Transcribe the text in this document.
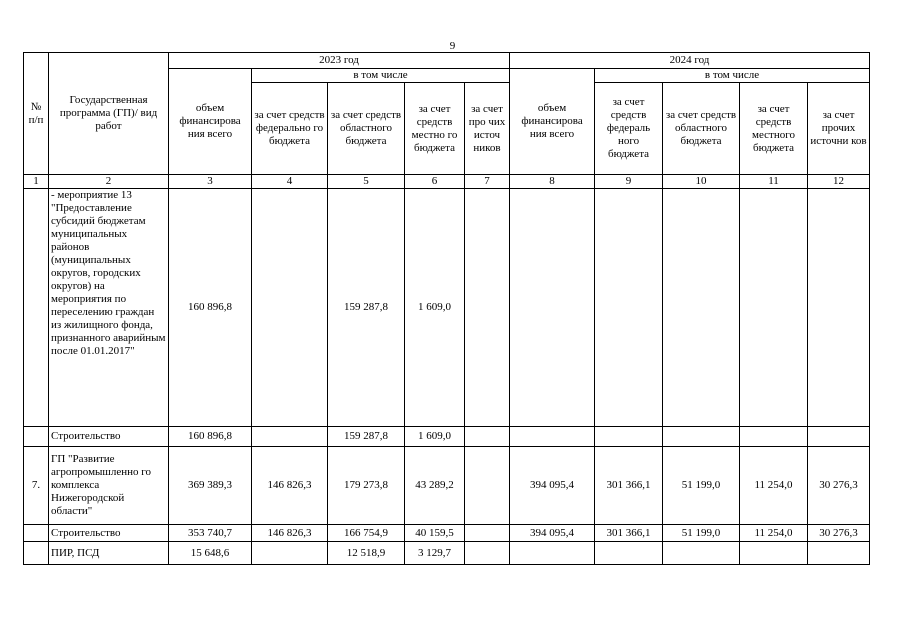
9
№ п/п	Государственная программа (ГП)/ вид работ	2023 год					2024 год				
		объем финансирова ния всего	в том числе				объем финансирова ния всего	в том числе			
			за счет средств федерально го бюджета	за счет средств областного бюджета	за счет средств местно го бюджета	за счет про чих источ ников		за счет средств федераль ного бюджета	за счет средств областного бюджета	за счет средств местного бюджета	за счет прочих источни ков
1	2	3	4	5	6	7	8	9	10	11	12
	- мероприятие 13 "Предоставление субсидий бюджетам муниципальных районов (муниципальных округов, городских округов) на мероприятия по переселению граждан из жилищного фонда, признанного аварийным после 01.01.2017"	160 896,8		159 287,8	1 609,0						
	Строительство	160 896,8		159 287,8	1 609,0						
7.	ГП "Развитие агропромышленно го комплекса Нижегородской области"	369 389,3	146 826,3	179 273,8	43 289,2		394 095,4	301 366,1	51 199,0	11 254,0	30 276,3
	Строительство	353 740,7	146 826,3	166 754,9	40 159,5		394 095,4	301 366,1	51 199,0	11 254,0	30 276,3
	ПИР, ПСД	15 648,6		12 518,9	3 129,7						
